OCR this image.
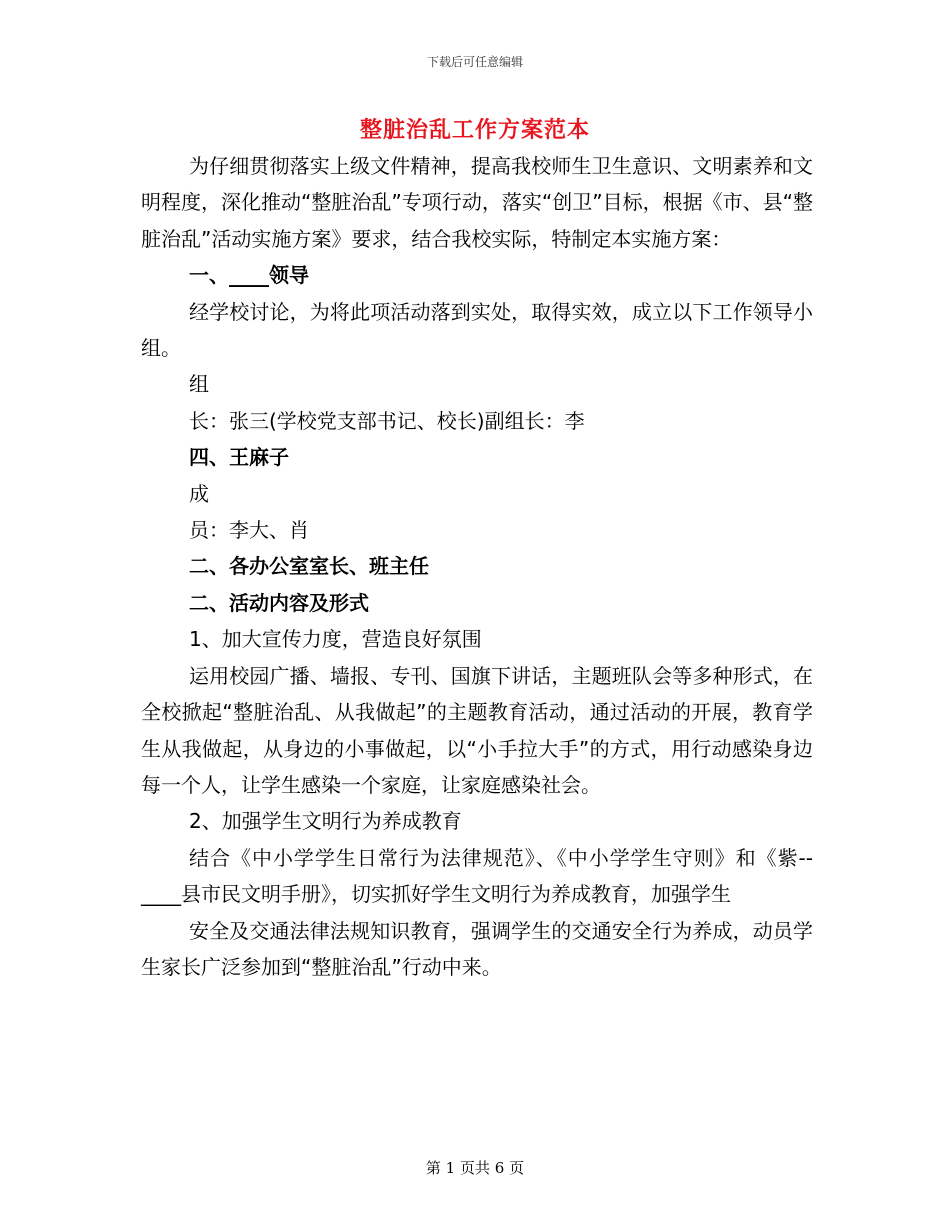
下载后可任意编辑
整脏治乱工作方案范本

为仔细贯彻落实上级文件精神，提高我校师生卫生意识、文明素养和文明程度，深化推动“整脏治乱”专项行动，落实“创卫”目标，根据《市、县“整脏治乱”活动实施方案》要求，结合我校实际，特制定本实施方案：

一、____领导

经学校讨论，为将此项活动落到实处，取得实效，成立以下工作领导小组。

组

长：张三(学校党支部书记、校长)副组长：李

四、王麻子

成

员：李大、肖

二、各办公室室长、班主任

二、活动内容及形式

1、加大宣传力度，营造良好氛围

运用校园广播、墙报、专刊、国旗下讲话，主题班队会等多种形式，在全校掀起“整脏治乱、从我做起”的主题教育活动，通过活动的开展，教育学生从我做起，从身边的小事做起，以“小手拉大手”的方式，用行动感染身边每一个人，让学生感染一个家庭，让家庭感染社会。

2、加强学生文明行为养成教育

结合《中小学学生日常行为法律规范》、《中小学学生守则》和《紫--____县市民文明手册》，切实抓好学生文明行为养成教育，加强学生

安全及交通法律法规知识教育，强调学生的交通安全行为养成，动员学生家长广泛参加到“整脏治乱”行动中来。

第 1 页共 6 页
